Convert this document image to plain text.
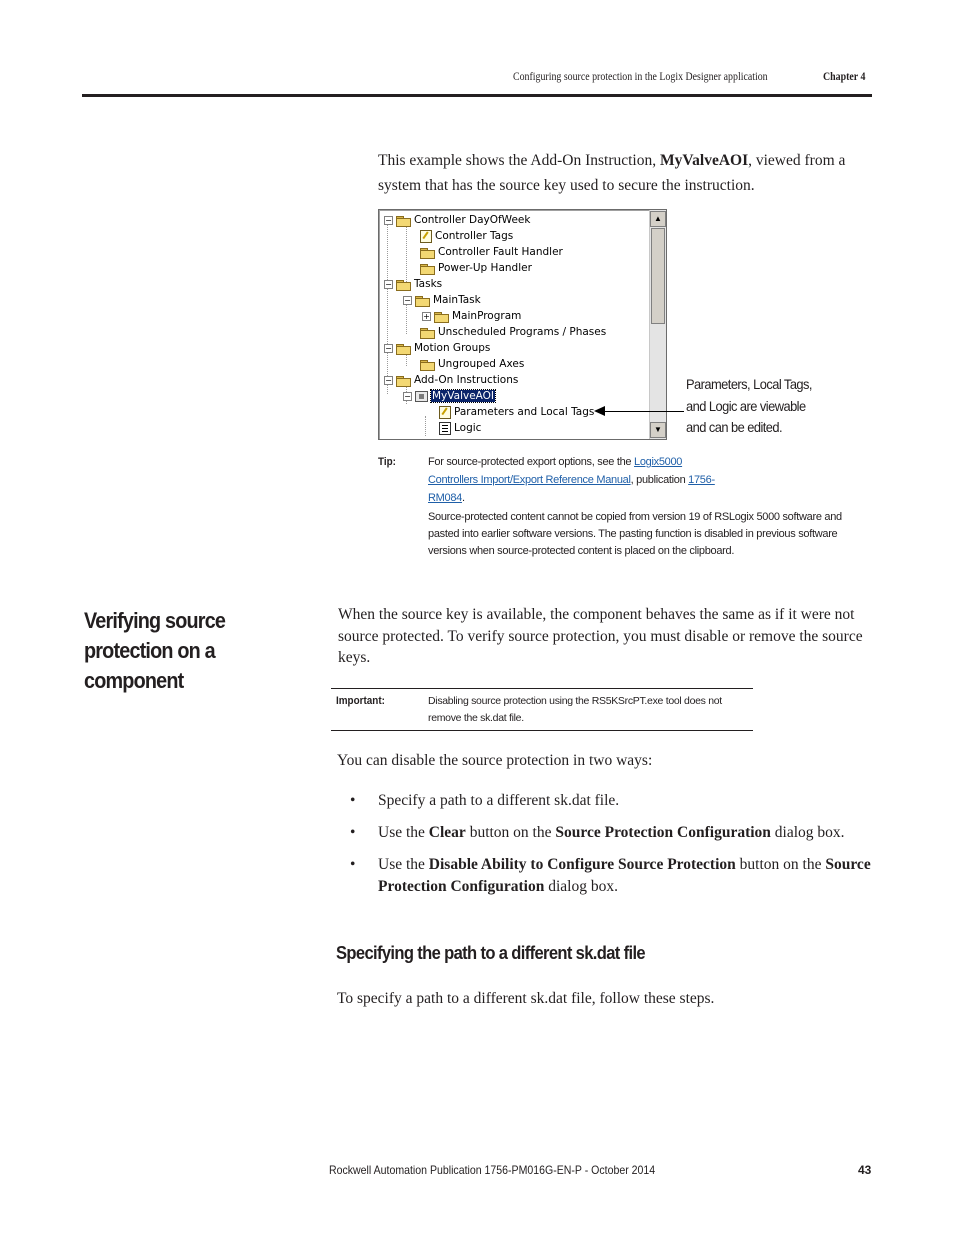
Configuring source protection in the Logix Designer application	Chapter 4
This example shows the Add-On Instruction, MyValveAOI, viewed from a system that has the source key used to secure the instruction.
− Controller DayOfWeek
Controller Tags
Controller Fault Handler
Power-Up Handler
− Tasks
− MainTask
+ MainProgram
Unscheduled Programs / Phases
− Motion Groups
Ungrouped Axes
− Add-On Instructions
− MyValveAOI
Parameters and Local Tags
Logic
▲
▼
Parameters, Local Tags, and Logic are viewable and can be edited.
Tip:	For source-protected export options, see the Logix5000 Controllers Import/Export Reference Manual, publication 1756-RM084.
Source-protected content cannot be copied from version 19 of RSLogix 5000 software and pasted into earlier software versions. The pasting function is disabled in previous software versions when source-protected content is placed on the clipboard.
Verifying source protection on a component
When the source key is available, the component behaves the same as if it were not source protected. To verify source protection, you must disable or remove the source keys.
Important:	Disabling source protection using the RS5KSrcPT.exe tool does not remove the sk.dat file.
You can disable the source protection in two ways:
• Specify a path to a different sk.dat file.
• Use the Clear button on the Source Protection Configuration dialog box.
• Use the Disable Ability to Configure Source Protection button on the Source Protection Configuration dialog box.
Specifying the path to a different sk.dat file
To specify a path to a different sk.dat file, follow these steps.
Rockwell Automation Publication 1756-PM016G-EN-P - October 2014	43
